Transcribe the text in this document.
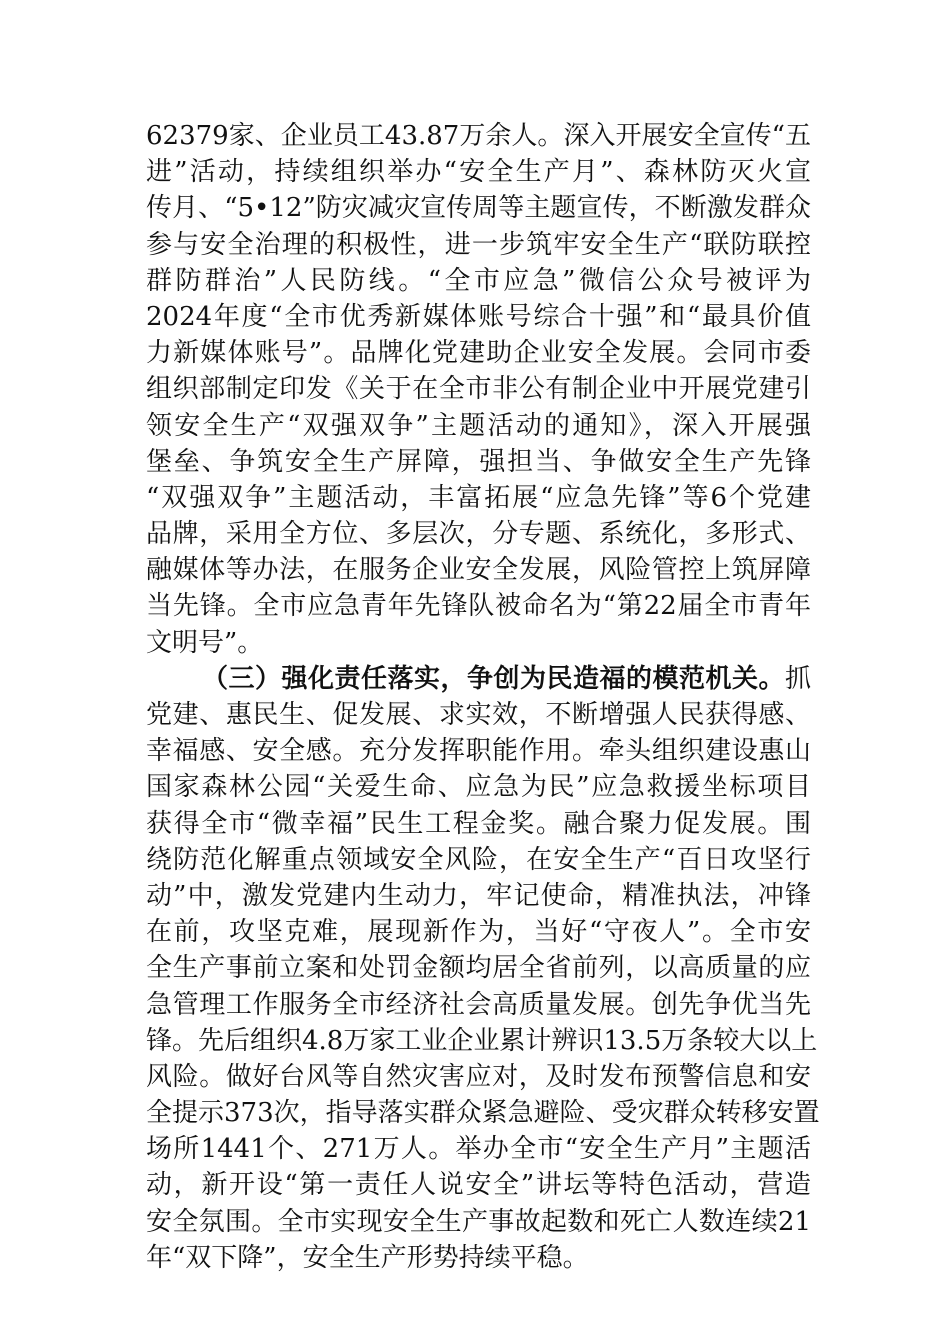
62379家、企业员工43.87万余人。深入开展安全宣传“五
进”活动，持续组织举办“安全生产月”、森林防灭火宣
传月、“5•12”防灾减灾宣传周等主题宣传，不断激发群众
参与安全治理的积极性，进一步筑牢安全生产“联防联控
群防群治”人民防线。“全市应急”微信公众号被评为
2024年度“全市优秀新媒体账号综合十强”和“最具价值
力新媒体账号”。品牌化党建助企业安全发展。会同市委
组织部制定印发《关于在全市非公有制企业中开展党建引
领安全生产“双强双争”主题活动的通知》，深入开展强
堡垒、争筑安全生产屏障，强担当、争做安全生产先锋
“双强双争”主题活动，丰富拓展“应急先锋”等6个党建
品牌，采用全方位、多层次，分专题、系统化，多形式、
融媒体等办法，在服务企业安全发展，风险管控上筑屏障
当先锋。全市应急青年先锋队被命名为“第22届全市青年
文明号”。
（三）强化责任落实，争创为民造福的模范机关。抓
党建、惠民生、促发展、求实效，不断增强人民获得感、
幸福感、安全感。充分发挥职能作用。牵头组织建设惠山
国家森林公园“关爱生命、应急为民”应急救援坐标项目
获得全市“微幸福”民生工程金奖。融合聚力促发展。围
绕防范化解重点领域安全风险，在安全生产“百日攻坚行
动”中，激发党建内生动力，牢记使命，精准执法，冲锋
在前，攻坚克难，展现新作为，当好“守夜人”。全市安
全生产事前立案和处罚金额均居全省前列，以高质量的应
急管理工作服务全市经济社会高质量发展。创先争优当先
锋。先后组织4.8万家工业企业累计辨识13.5万条较大以上
风险。做好台风等自然灾害应对，及时发布预警信息和安
全提示373次，指导落实群众紧急避险、受灾群众转移安置
场所1441个、271万人。举办全市“安全生产月”主题活
动，新开设“第一责任人说安全”讲坛等特色活动，营造
安全氛围。全市实现安全生产事故起数和死亡人数连续21
年“双下降”，安全生产形势持续平稳。
